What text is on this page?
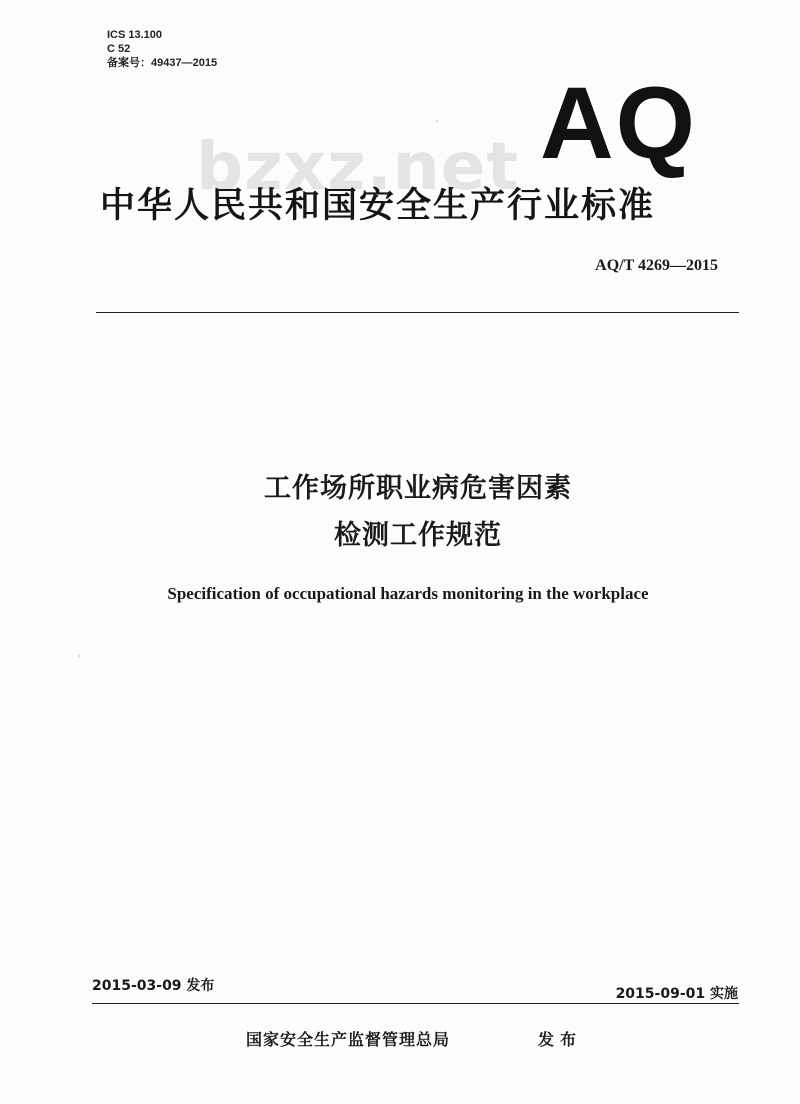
ICS 13.100
C 52
备案号：49437—2015
bzxz.net AQ
中华人民共和国安全生产行业标准
AQ/T 4269—2015
工作场所职业病危害因素
检测工作规范
Specification of occupational hazards monitoring in the workplace
2015-03-09 发布	2015-09-01 实施
国家安全生产监督管理总局	发布
